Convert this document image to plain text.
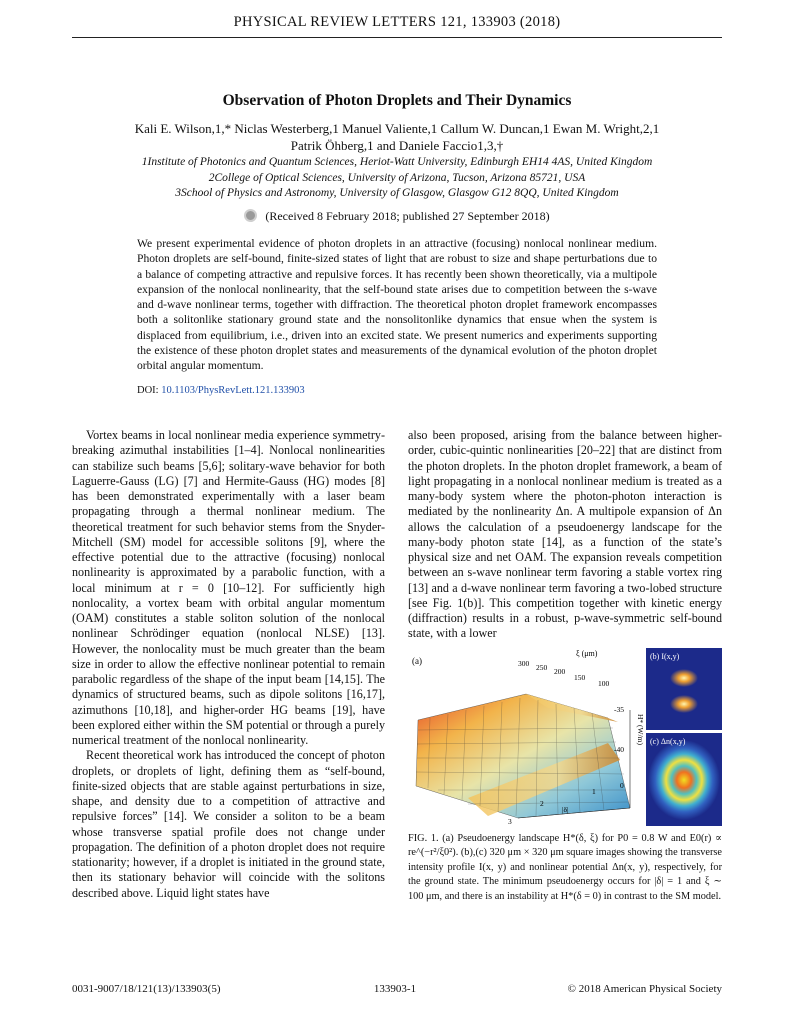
PHYSICAL REVIEW LETTERS 121, 133903 (2018)
Observation of Photon Droplets and Their Dynamics
Kali E. Wilson,1,* Niclas Westerberg,1 Manuel Valiente,1 Callum W. Duncan,1 Ewan M. Wright,2,1
Patrik Öhberg,1 and Daniele Faccio1,3,†
1Institute of Photonics and Quantum Sciences, Heriot-Watt University, Edinburgh EH14 4AS, United Kingdom
2College of Optical Sciences, University of Arizona, Tucson, Arizona 85721, USA
3School of Physics and Astronomy, University of Glasgow, Glasgow G12 8QQ, United Kingdom
(Received 8 February 2018; published 27 September 2018)
We present experimental evidence of photon droplets in an attractive (focusing) nonlocal nonlinear medium. Photon droplets are self-bound, finite-sized states of light that are robust to size and shape perturbations due to a balance of competing attractive and repulsive forces. It has recently been shown theoretically, via a multipole expansion of the nonlocal nonlinearity, that the self-bound state arises due to competition between the s-wave and d-wave nonlinear terms, together with diffraction. The theoretical photon droplet framework encompasses both a solitonlike stationary ground state and the nonsolitonlike dynamics that ensue when the system is displaced from equilibrium, i.e., driven into an excited state. We present numerics and experiments supporting the existence of these photon droplet states and measurements of the dynamical evolution of the photon droplet orbital angular momentum.
DOI: 10.1103/PhysRevLett.121.133903

Vortex beams in local nonlinear media experience symmetry-breaking azimuthal instabilities [1–4]. Nonlocal nonlinearities can stabilize such beams [5,6]; solitary-wave behavior for both Laguerre-Gauss (LG) [7] and Hermite-Gauss (HG) modes [8] has been demonstrated experimentally with a laser beam propagating through a thermal nonlinear medium. The theoretical treatment for such behavior stems from the Snyder-Mitchell (SM) model for accessible solitons [9], where the effective potential due to the attractive (focusing) nonlocal nonlinearity is approximated by a parabolic function, with a local minimum at r = 0 [10–12]. For sufficiently high nonlocality, a vortex beam with orbital angular momentum (OAM) constitutes a stable soliton solution of the nonlocal nonlinear Schrödinger equation (nonlocal NLSE) [13]. However, the nonlocality must be much greater than the beam size in order to allow the effective nonlinear potential to remain parabolic regardless of the shape of the input beam [14,15]. The dynamics of structured beams, such as dipole solitons [16,17], azimuthons [10,18], and higher-order HG beams [19], have been explored either within the SM potential or through a purely numerical treatment of the nonlocal nonlinearity.

Recent theoretical work has introduced the concept of photon droplets, or droplets of light, defining them as “self-bound, finite-sized objects that are stable against perturbations in size, shape, and density due to a competition of attractive and repulsive forces” [14]. We consider a soliton to be a beam whose transverse spatial profile does not change under propagation. The definition of a photon droplet does not require stationarity; however, if a droplet is initiated in the ground state, then its stationary behavior will coincide with the solitons described above. Liquid light states have

also been proposed, arising from the balance between higher-order, cubic-quintic nonlinearities [20–22] that are distinct from the photon droplets. In the photon droplet framework, a beam of light propagating in a nonlocal nonlinear medium is treated as a many-body system where the photon-photon interaction is mediated by the nonlinearity Δn. A multipole expansion of Δn allows the calculation of a pseudoenergy landscape for the many-body photon state [14], as a function of the state’s physical size and net OAM. The expansion reveals competition between an s-wave nonlinear term favoring a stable vortex ring [13] and a d-wave nonlinear term favoring a two-lobed structure [see Fig. 1(b)]. This competition together with kinetic energy (diffraction) results in a robust, p-wave-symmetric self-bound state, with a lower

(a)
ξ (μm)
300 250 200
150
100
-35
-40
H* (W/m)
0
1
2
3
|δ|
(b) I(x,y)
(c) Δn(x,y)
FIG. 1. (a) Pseudoenergy landscape H*(δ, ξ) for P0 = 0.8 W and E0(r) ∝ re^(−r²/ξ0²). (b),(c) 320 μm × 320 μm square images showing the transverse intensity profile I(x, y) and nonlinear potential Δn(x, y), respectively, for the ground state. The minimum pseudoenergy occurs for |δ| = 1 and ξ ∼ 100 μm, and there is an instability at H*(δ = 0) in contrast to the SM model.
0031-9007/18/121(13)/133903(5)	133903-1	© 2018 American Physical Society
